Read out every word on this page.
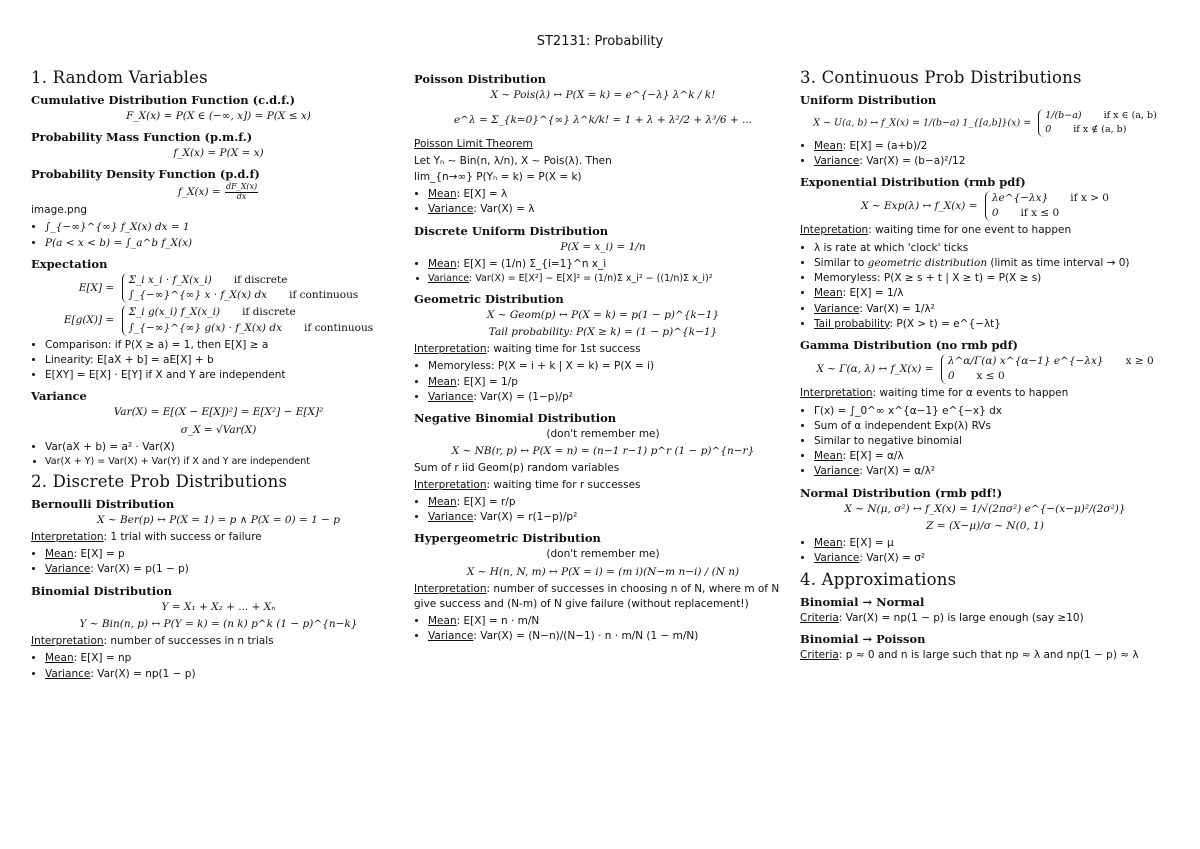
ST2131: Probability
1. Random Variables
Cumulative Distribution Function (c.d.f.)
F_X(x) = P(X ∈ (−∞, x]) = P(X ≤ x)
Probability Mass Function (p.m.f.)
f_X(x) = P(X = x)
Probability Density Function (p.d.f)
f_X(x) = $\frac{dF\_X(x)}{dx}$
image.png
• ∫_{−∞}^{∞} f_X(x) dx = 1
• P(a < x < b) = ∫_a^b f_X(x)
Expectation
E[X] =
Σ_i x_i · f_X(x_i) if discrete
∫_{−∞}^{∞} x · f_X(x) dx if continuous
E[g(X)] =
Σ_i g(x_i) f_X(x_i) if discrete
∫_{−∞}^{∞} g(x) · f_X(x) dx if continuous
• Comparison: if P(X ≥ a) = 1, then E[X] ≥ a
• Linearity: E[aX + b] = aE[X] + b
• E[XY] = E[X] · E[Y] if X and Y are independent
Variance
Var(X) = E[(X − E[X])²] = E[X²] − E[X]²
σ_X = √Var(X)
• Var(aX + b) = a² · Var(X)
• Var(X + Y) = Var(X) + Var(Y) if X and Y are independent
2. Discrete Prob Distributions
Bernoulli Distribution
X ∼ Ber(p) ↔ P(X = 1) = p ∧ P(X = 0) = 1 − p
Interpretation: 1 trial with success or failure
• Mean: E[X] = p
• Variance: Var(X) = p(1 − p)
Binomial Distribution
Y = X₁ + X₂ + ... + Xₙ
Y ∼ Bin(n, p) ↔ P(Y = k) = (n k) p^k (1 − p)^{n−k}
Interpretation: number of successes in n trials
• Mean: E[X] = np
• Variance: Var(X) = np(1 − p)
Poisson Distribution
X ∼ Pois(λ) ↔ P(X = k) = e^{−λ} λ^k / k!
e^λ = Σ_{k=0}^{∞} λ^k/k! = 1 + λ + λ²/2 + λ³/6 + ...
Poisson Limit Theorem
Let Yₙ ∼ Bin(n, λ/n), X ∼ Pois(λ). Then
lim_{n→∞} P(Yₙ = k) = P(X = k)
• Mean: E[X] = λ
• Variance: Var(X) = λ
Discrete Uniform Distribution
P(X = x_i) = 1/n
• Mean: E[X] = (1/n) Σ_{i=1}^n x_i
• Variance: Var(X) = E[X²] − E[X]² = (1/n)Σ x_i² − ((1/n)Σ x_i)²
Geometric Distribution
X ∼ Geom(p) ↔ P(X = k) = p(1 − p)^{k−1}
Tail probability: P(X ≥ k) = (1 − p)^{k−1}
Interpretation: waiting time for 1st success
• Memoryless: P(X = i + k | X = k) = P(X = i)
• Mean: E[X] = 1/p
• Variance: Var(X) = (1−p)/p²
Negative Binomial Distribution
(don't remember me)
X ∼ NB(r, p) ↔ P(X = n) = (n−1 r−1) p^r (1 − p)^{n−r}
Sum of r iid Geom(p) random variables
Interpretation: waiting time for r successes
• Mean: E[X] = r/p
• Variance: Var(X) = r(1−p)/p²
Hypergeometric Distribution
(don't remember me)
X ∼ H(n, N, m) ↔ P(X = i) = (m i)(N−m n−i) / (N n)
Interpretation: number of successes in choosing n of N, where m of N give success and (N-m) of N give failure (without replacement!)
• Mean: E[X] = n · m/N
• Variance: Var(X) = (N−n)/(N−1) · n · m/N (1 − m/N)
3. Continuous Prob Distributions
Uniform Distribution
X ∼ U(a, b) ↔ f_X(x) = 1/(b−a) 1_{[a,b]}(x) =
1/(b−a) if x ∈ (a, b)
0 if x ∉ (a, b)
• Mean: E[X] = (a+b)/2
• Variance: Var(X) = (b−a)²/12
Exponential Distribution (rmb pdf)
X ∼ Exp(λ) ↔ f_X(x) =
λe^{−λx} if x > 0
0 if x ≤ 0
Intepretation: waiting time for one event to happen
• λ is rate at which 'clock' ticks
• Similar to geometric distribution (limit as time interval → 0)
• Memoryless: P(X ≥ s + t | X ≥ t) = P(X ≥ s)
• Mean: E[X] = 1/λ
• Variance: Var(X) = 1/λ²
• Tail probability: P(X > t) = e^{−λt}
Gamma Distribution (no rmb pdf)
X ∼ Γ(α, λ) ↔ f_X(x) =
λ^α/Γ(α) x^{α−1} e^{−λx} x ≥ 0
0 x ≤ 0
Interpretation: waiting time for α events to happen
• Γ(x) = ∫_0^∞ x^{α−1} e^{−x} dx
• Sum of α independent Exp(λ) RVs
• Similar to negative binomial
• Mean: E[X] = α/λ
• Variance: Var(X) = α/λ²
Normal Distribution (rmb pdf!)
X ∼ N(μ, σ²) ↔ f_X(x) = 1/√(2πσ²) e^{−(x−μ)²/(2σ²)}
Z = (X−μ)/σ ∼ N(0, 1)
• Mean: E[X] = μ
• Variance: Var(X) = σ²
4. Approximations
Binomial → Normal
Criteria: Var(X) = np(1 − p) is large enough (say ≥10)
Binomial → Poisson
Criteria: p ≈ 0 and n is large such that np ≈ λ and np(1 − p) ≈ λ
